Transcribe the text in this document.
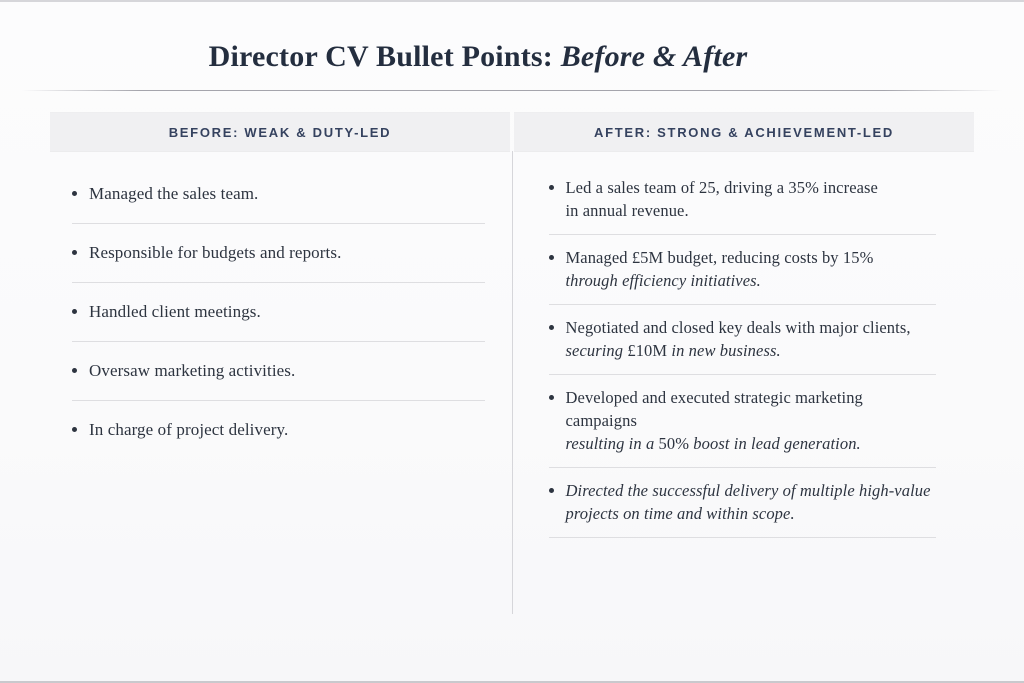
Director CV Bullet Points: Before & After
BEFORE: WEAK & DUTY-LED	AFTER: STRONG & ACHIEVEMENT-LED
Managed the sales team.
Responsible for budgets and reports.
Handled client meetings.
Oversaw marketing activities.
In charge of project delivery.
Led a sales team of 25, driving a 35% increase
in annual revenue.
Managed £5M budget, reducing costs by 15%
through efficiency initiatives.
Negotiated and closed key deals with major clients,
securing £10M in new business.
Developed and executed strategic marketing campaigns
resulting in a 50% boost in lead generation.
Directed the successful delivery of multiple high-value
projects on time and within scope.
